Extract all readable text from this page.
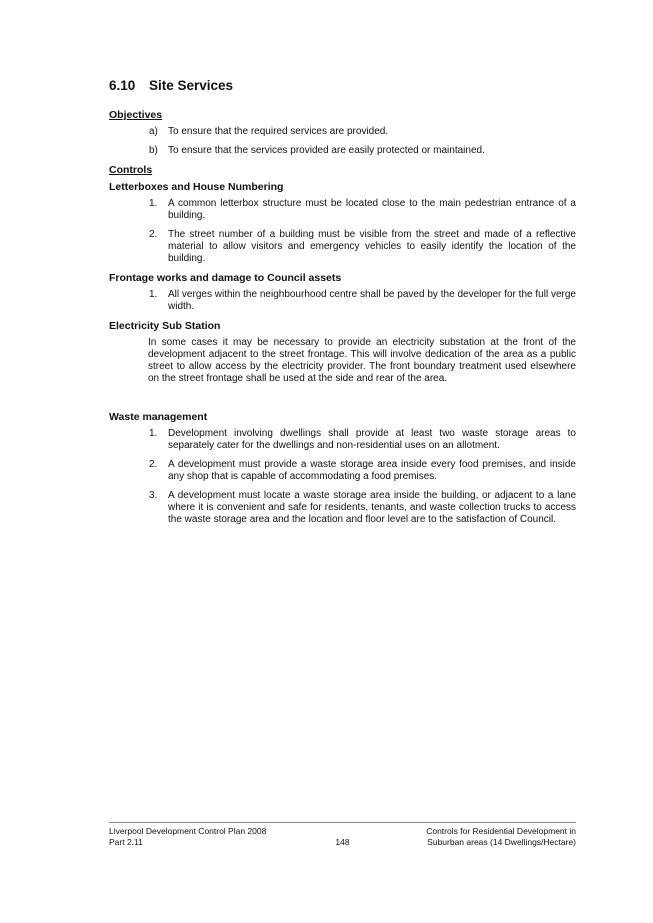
6.10	Site Services
Objectives
a)	To ensure that the required services are provided.
b)	To ensure that the services provided are easily protected or maintained.
Controls
Letterboxes and House Numbering
1.	A common letterbox structure must be located close to the main pedestrian entrance of a building.
2.	The street number of a building must be visible from the street and made of a reflective material to allow visitors and emergency vehicles to easily identify the location of the building.
Frontage works and damage to Council assets
1.	All verges within the neighbourhood centre shall be paved by the developer for the full verge width.
Electricity Sub Station

In some cases it may be necessary to provide an electricity substation at the front of the development adjacent to the street frontage. This will involve dedication of the area as a public street to allow access by the electricity provider. The front boundary treatment used elsewhere on the street frontage shall be used at the side and rear of the area.

Waste management
1.	Development involving dwellings shall provide at least two waste storage areas to separately cater for the dwellings and non-residential uses on an allotment.
2.	A development must provide a waste storage area inside every food premises, and inside any shop that is capable of accommodating a food premises.
3.	A development must locate a waste storage area inside the building, or adjacent to a lane where it is convenient and safe for residents, tenants, and waste collection trucks to access the waste storage area and the location and floor level are to the satisfaction of Council.
Liverpool Development Control Plan 2008
Part 2.11	148
Controls for Residential Development in
Suburban areas (14 Dwellings/Hectare)
